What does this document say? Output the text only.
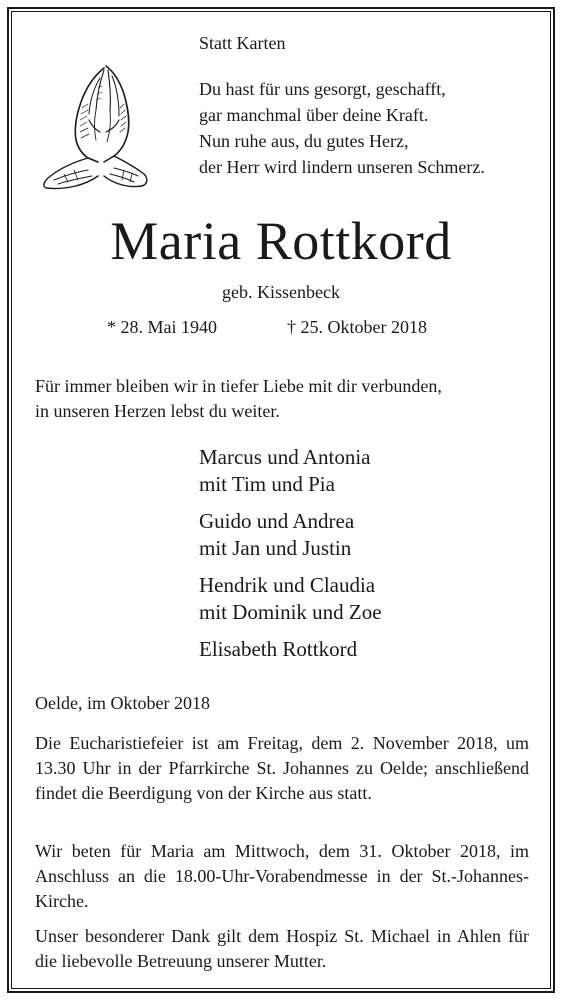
Statt Karten

Du hast für uns gesorgt, geschafft,
gar manchmal über deine Kraft.
Nun ruhe aus, du gutes Herz,
der Herr wird lindern unseren Schmerz.
Maria Rottkord

geb. Kissenbeck

* 28. Mai 1940	† 25. Oktober 2018

Für immer bleiben wir in tiefer Liebe mit dir verbunden,
in unseren Herzen lebst du weiter.
Marcus und Antonia
mit Tim und Pia
Guido und Andrea
mit Jan und Justin
Hendrik und Claudia
mit Dominik und Zoe
Elisabeth Rottkord

Oelde, im Oktober 2018

Die Eucharistiefeier ist am Freitag, dem 2. November 2018, um 13.30 Uhr in der Pfarrkirche St. Johannes zu Oelde; anschließend findet die Beerdigung von der Kirche aus statt.

Wir beten für Maria am Mittwoch, dem 31. Oktober 2018, im Anschluss an die 18.00-Uhr-Vorabendmesse in der St.-Johannes-Kirche.

Unser besonderer Dank gilt dem Hospiz St. Michael in Ahlen für die liebevolle Betreuung unserer Mutter.
